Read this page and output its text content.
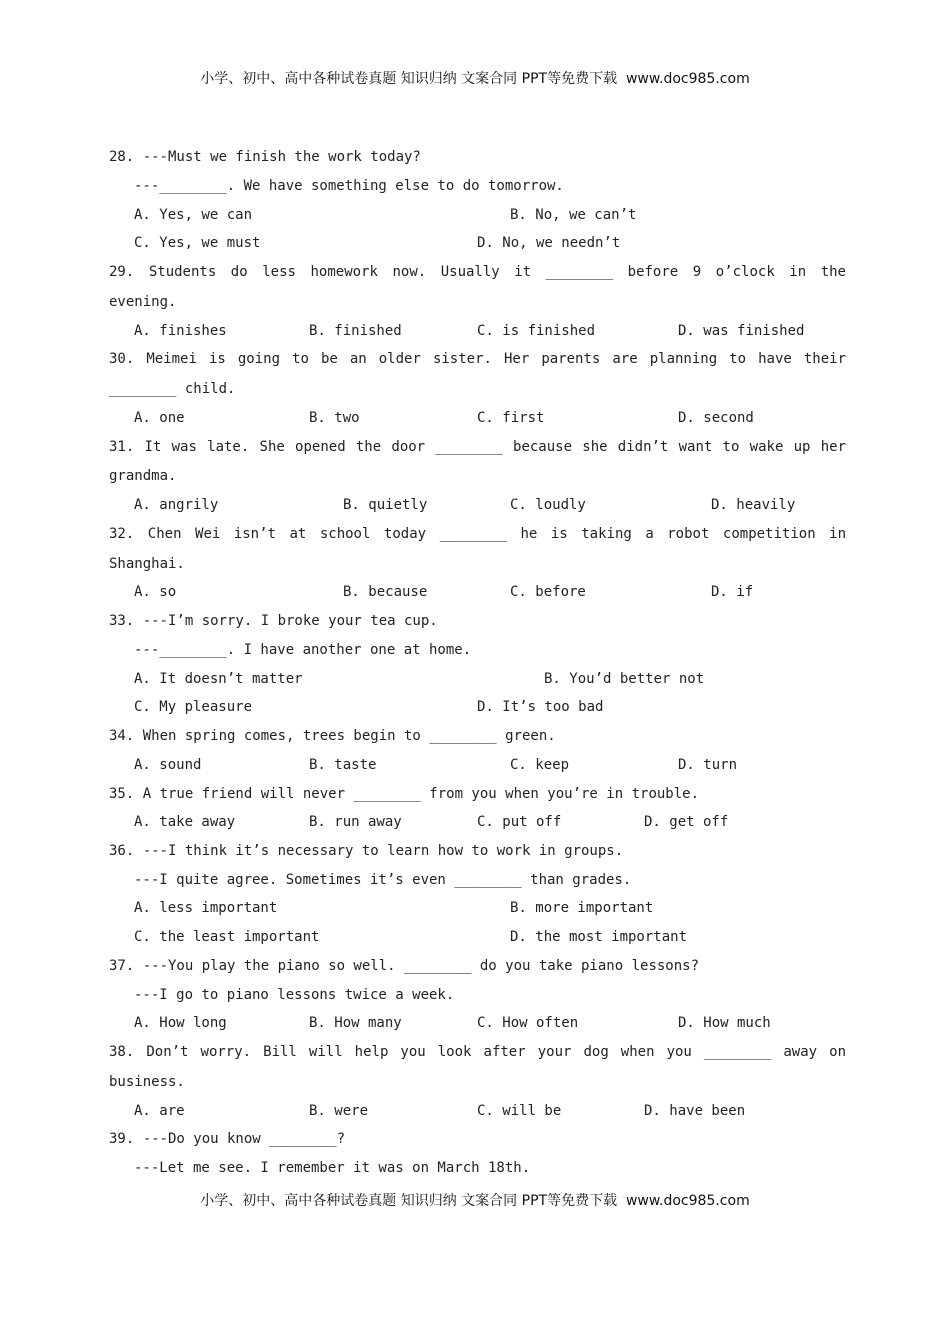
小学、初中、高中各种试卷真题 知识归纳 文案合同 PPT等免费下载  www.doc985.com
28. ---Must we finish the work today?
---________. We have something else to do tomorrow.
A. Yes, we can	B. No, we can’t
C. Yes, we must	D. No, we needn’t
29. Students do less homework now. Usually it ________ before 9 o’clock in the
evening.
A. finishes	B. finished	C. is finished	D. was finished
30. Meimei is going to be an older sister. Her parents are planning to have their
________ child.
A. one	B. two	C. first	D. second
31. It was late. She opened the door ________ because she didn’t want to wake up her
grandma.
A. angrily	B. quietly	C. loudly	D. heavily
32. Chen Wei isn’t at school today ________ he is taking a robot competition in
Shanghai.
A. so	B. because	C. before	D. if
33. ---I’m sorry. I broke your tea cup.
---________. I have another one at home.
A. It doesn’t matter	B. You’d better not
C. My pleasure	D. It’s too bad
34. When spring comes, trees begin to ________ green.
A. sound	B. taste	C. keep	D. turn
35. A true friend will never ________ from you when you’re in trouble.
A. take away	B. run away	C. put off	D. get off
36. ---I think it’s necessary to learn how to work in groups.
---I quite agree. Sometimes it’s even ________ than grades.
A. less important	B. more important
C. the least important	D. the most important
37. ---You play the piano so well. ________ do you take piano lessons?
---I go to piano lessons twice a week.
A. How long	B. How many	C. How often	D. How much
38. Don’t worry. Bill will help you look after your dog when you ________ away on
business.
A. are	B. were	C. will be	D. have been
39. ---Do you know ________?
---Let me see. I remember it was on March 18th.
小学、初中、高中各种试卷真题 知识归纳 文案合同 PPT等免费下载  www.doc985.com
